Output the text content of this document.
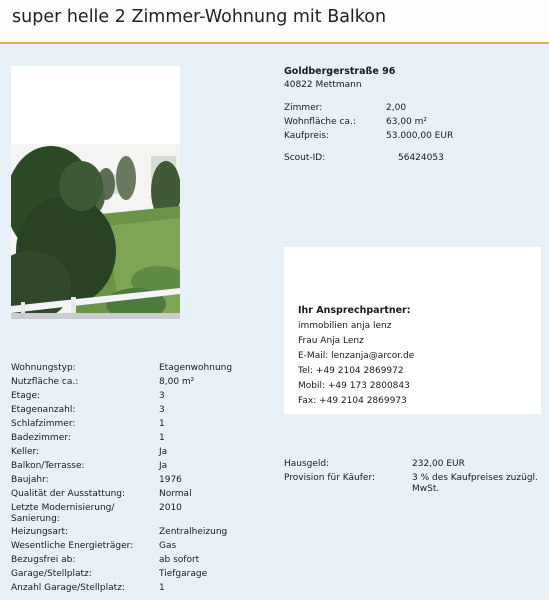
super helle 2 Zimmer-Wohnung mit Balkon
Goldbergerstraße 96
40822 Mettmann
Zimmer:	2,00
Wohnfläche ca.:	63,00 m²
Kaufpreis:	53.000,00 EUR
Scout-ID:	56424053
Ihr Ansprechpartner:
immobilien anja lenz
Frau Anja Lenz
E-Mail: lenzanja@arcor.de
Tel: +49 2104 2869972
Mobil: +49 173 2800843
Fax: +49 2104 2869973
Wohnungstyp:	Etagenwohnung
Nutzfläche ca.:	8,00 m²
Etage:	3
Etagenanzahl:	3
Schlafzimmer:	1
Badezimmer:	1
Keller:	Ja
Balkon/Terrasse:	Ja
Baujahr:	1976
Qualität der Ausstattung:	Normal
Letzte Modernisierung/ Sanierung:
2010
Heizungsart:	Zentralheizung
Wesentliche Energieträger:	Gas
Bezugsfrei ab:	ab sofort
Garage/Stellplatz:	Tiefgarage
Anzahl Garage/Stellplatz:	1
Hausgeld:	232,00 EUR
Provision für Käufer:	3 % des Kaufpreises zuzügl. MwSt.
